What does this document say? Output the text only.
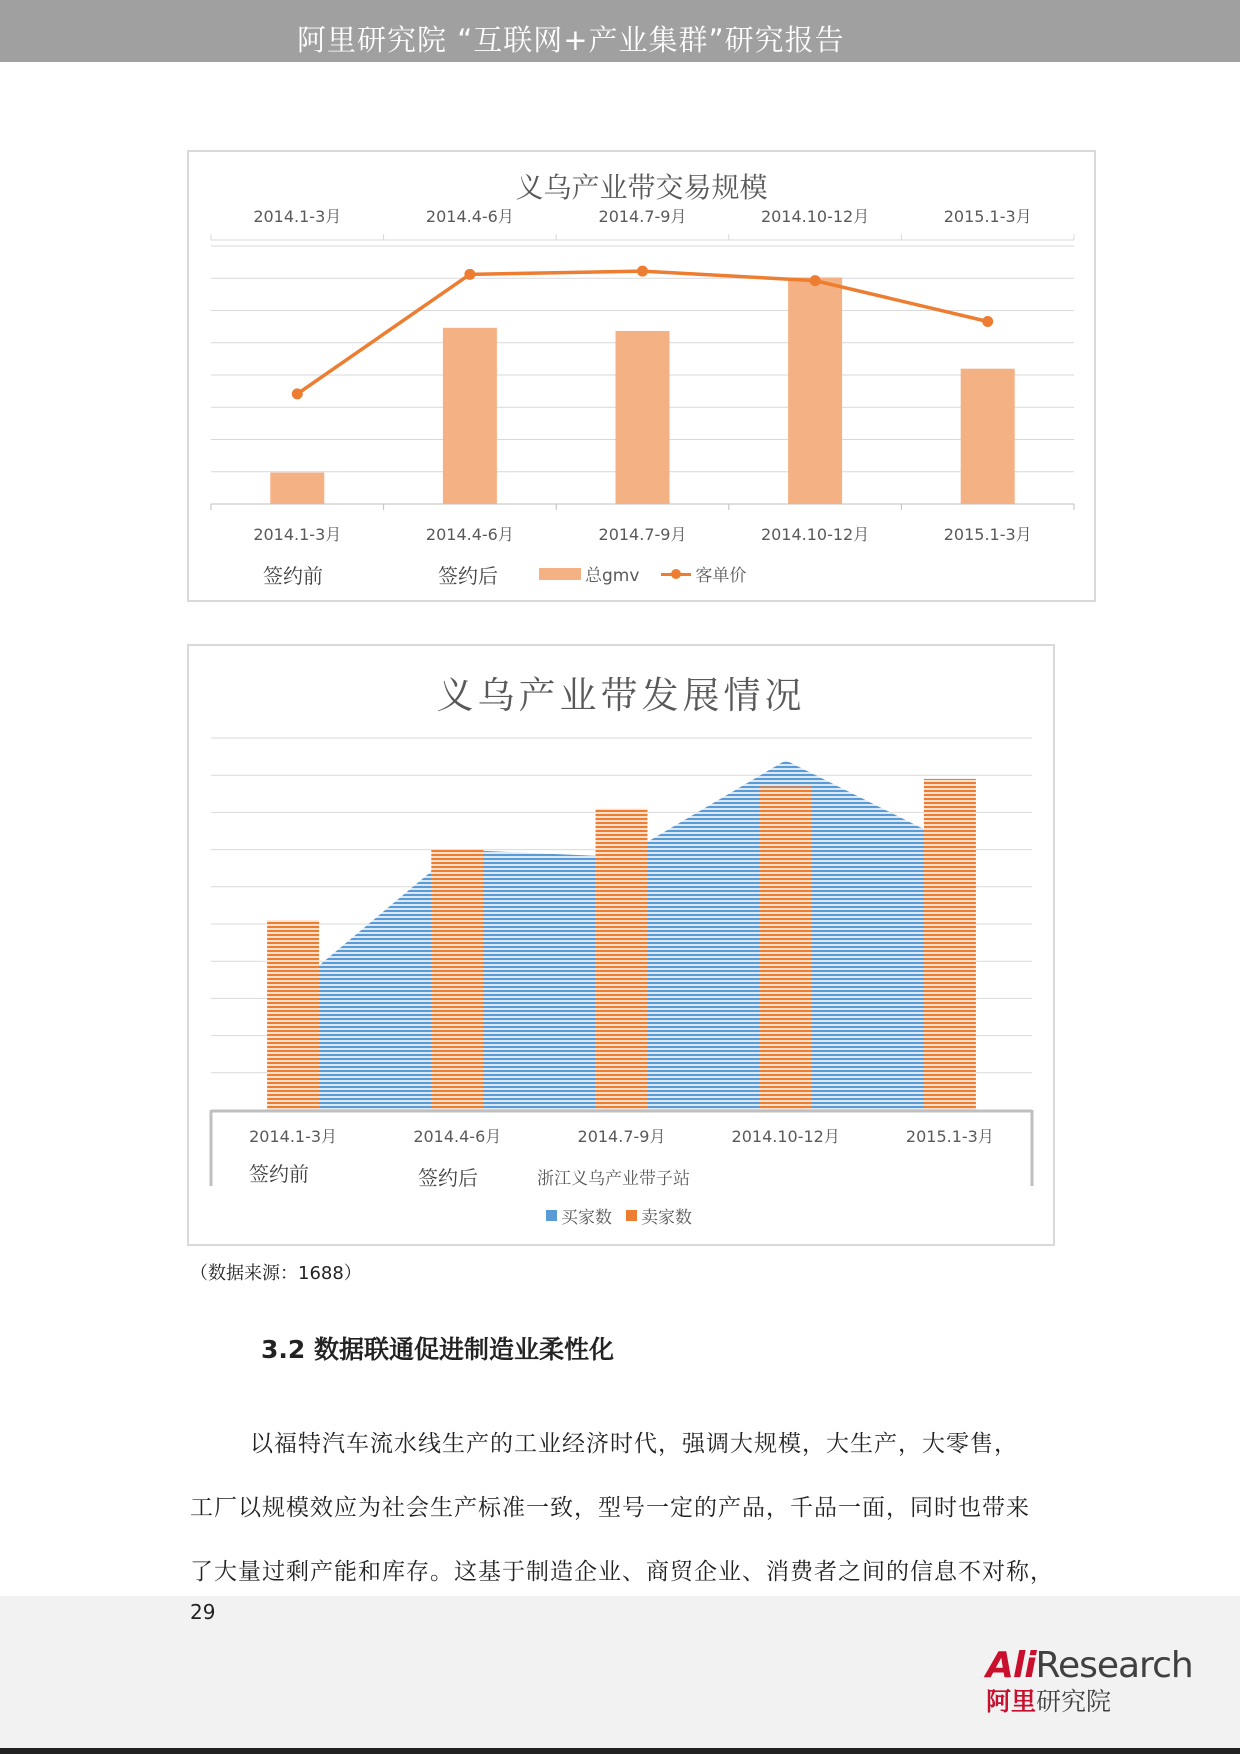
阿里研究院 “互联网+产业集群”研究报告
义乌产业带交易规模
2014.1-3月
2014.1-3月
2014.4-6月
2014.4-6月
2014.7-9月
2014.7-9月
2014.10-12月
2014.10-12月
2015.1-3月
2015.1-3月
签约前	签约后	总gmv	客单价
义乌产业带发展情况
2014.1-3月	2014.4-6月	2014.7-9月	2014.10-12月	2015.1-3月
签约前	签约后	浙江义乌产业带子站
买家数 卖家数
（数据来源：1688）
3.2 数据联通促进制造业柔性化
以福特汽车流水线生产的工业经济时代，强调大规模，大生产，大零售，
工厂以规模效应为社会生产标准一致，型号一定的产品，千品一面，同时也带来
了大量过剩产能和库存。这基于制造企业、商贸企业、消费者之间的信息不对称，
29
AliResearch
阿里研究院
